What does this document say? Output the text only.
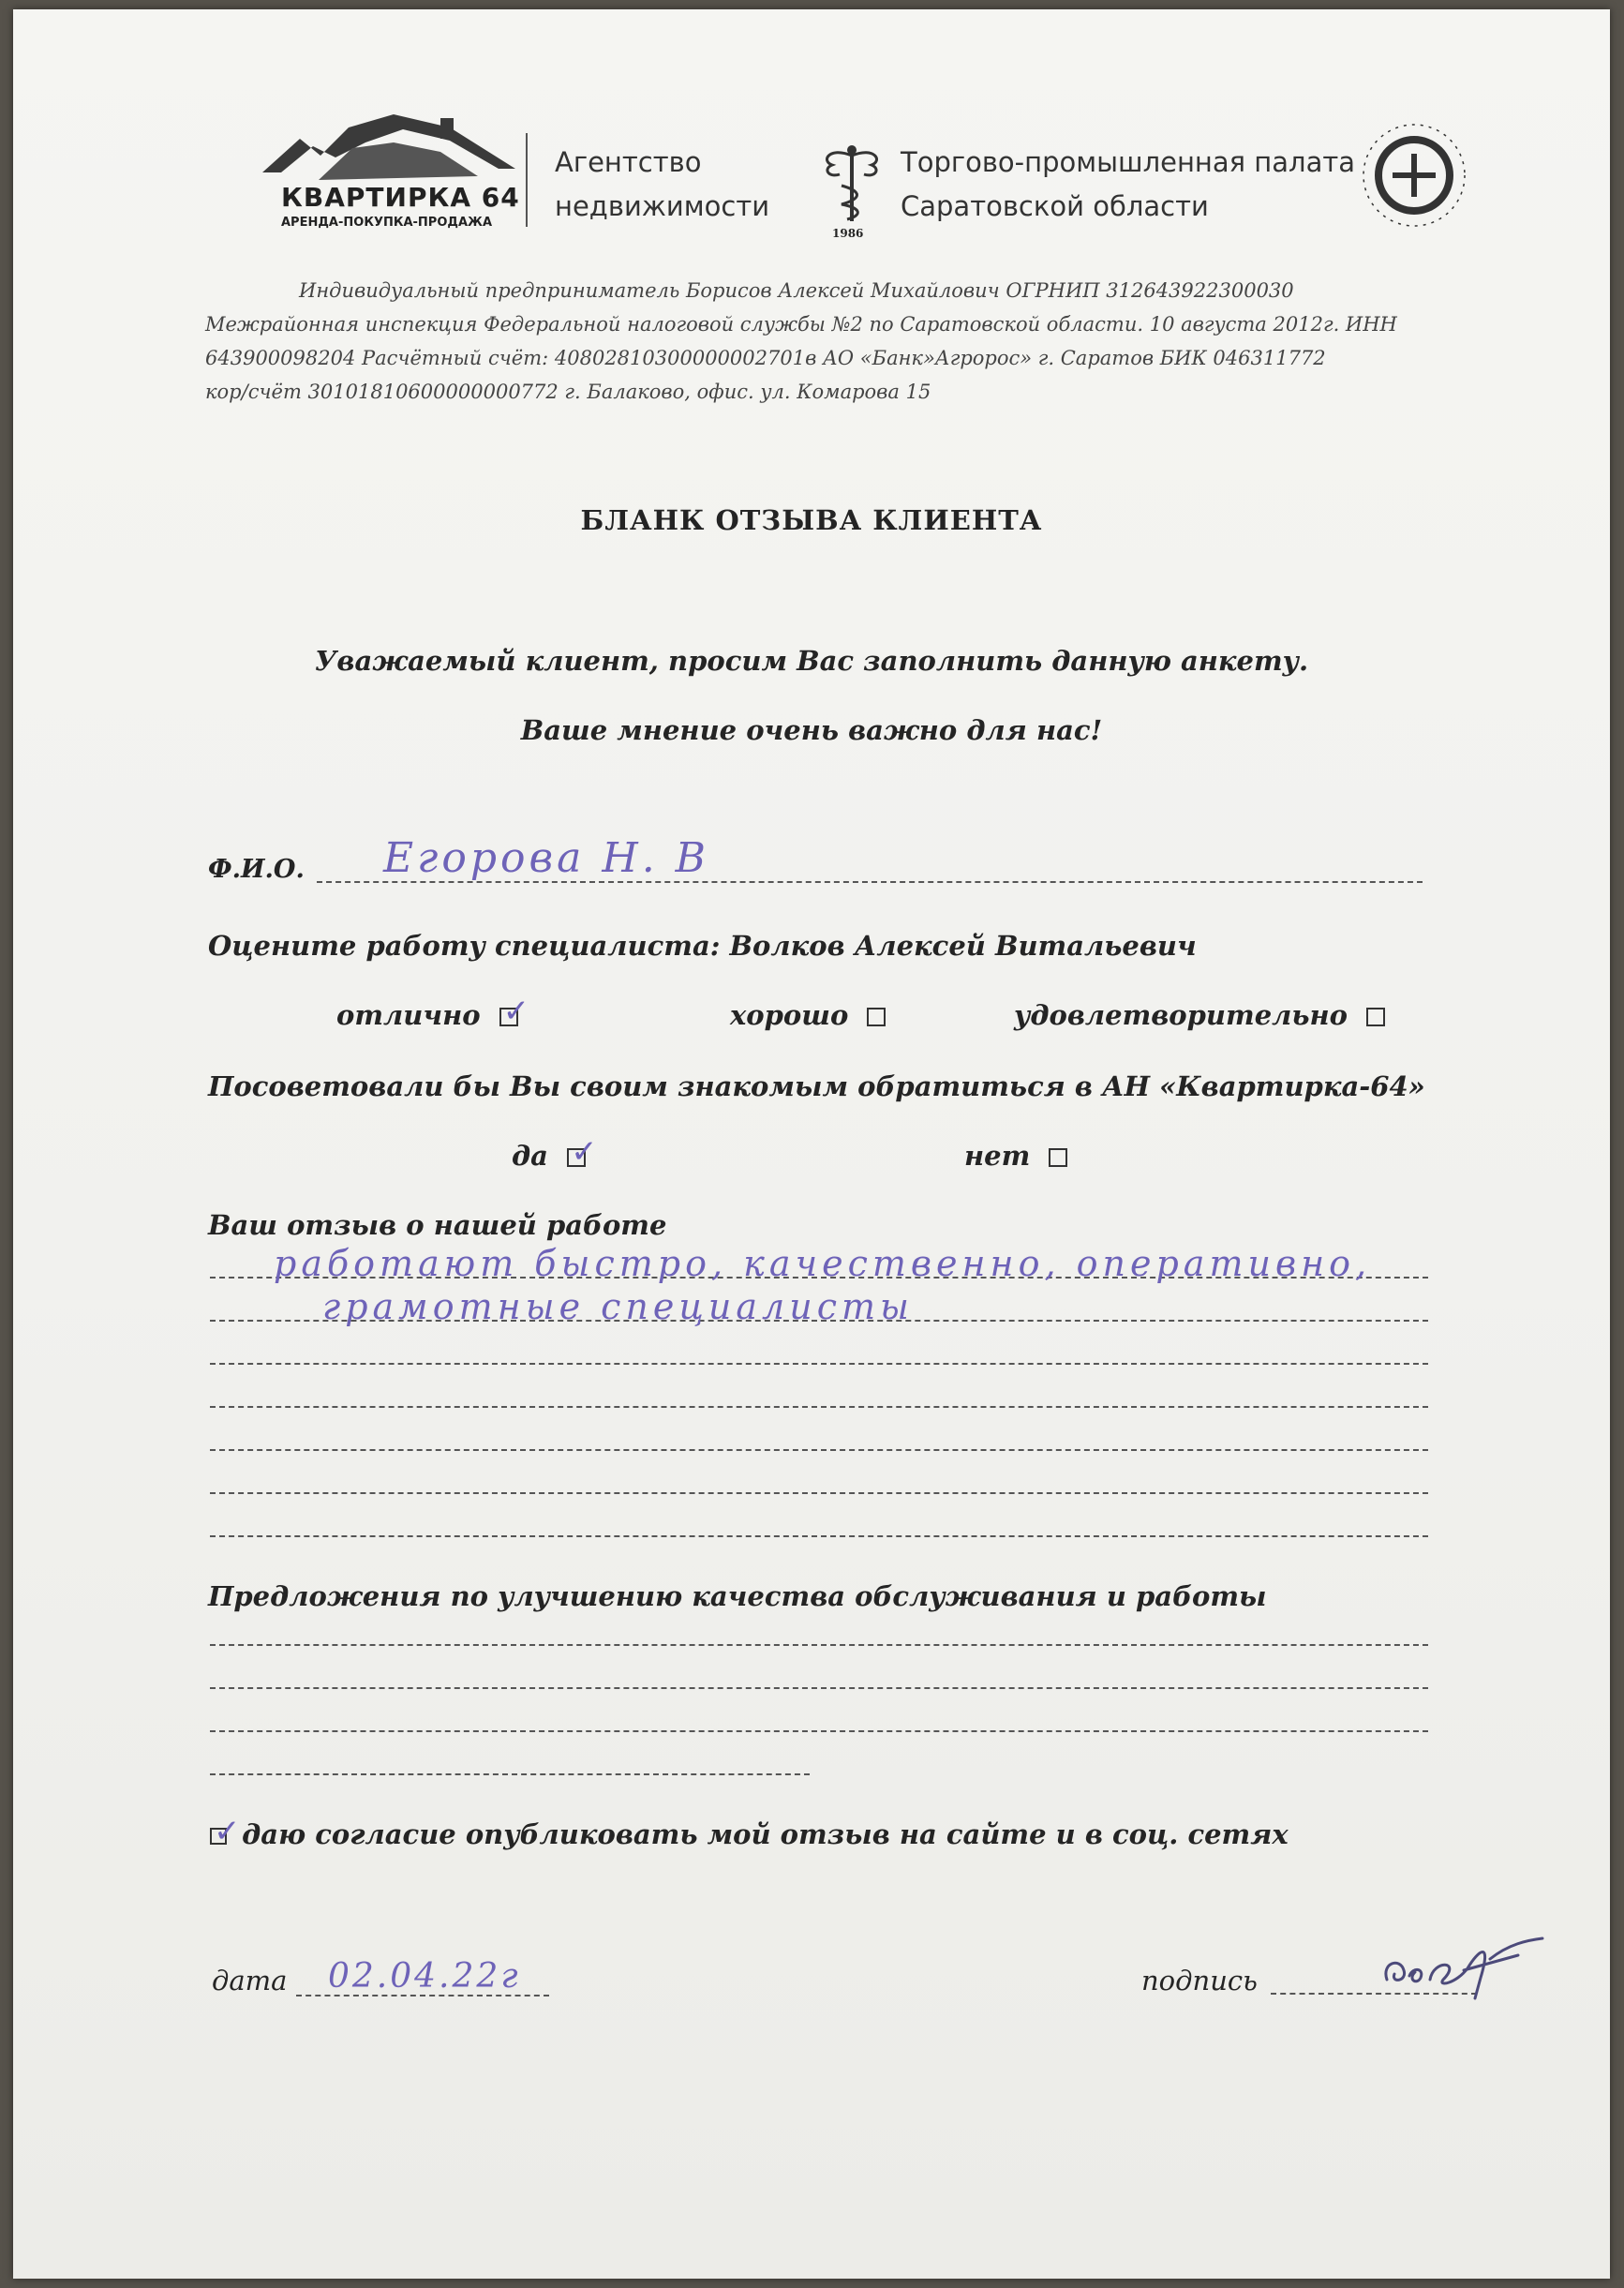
КВАРТИРКА 64
АРЕНДА-ПОКУПКА-ПРОДАЖА
Агентство
недвижимости
1986
Торгово-промышленная палата
Саратовской области
Индивидуальный предприниматель Борисов Алексей Михайлович ОГРНИП 312643922300030
Межрайонная инспекция Федеральной налоговой службы №2 по Саратовской области. 10 августа 2012г. ИНН
643900098204 Расчётный счёт: 40802810300000002701в АО «Банк»Агророс» г. Саратов БИК 046311772
кор/счёт 30101810600000000772 г. Балаково, офис. ул. Комарова 15
БЛАНК ОТЗЫВА КЛИЕНТА
Уважаемый клиент, просим Вас заполнить данную анкету.
Ваше мнение очень важно для нас!
Ф.И.О. Егорова Н. В
Оцените работу специалиста: Волков Алексей Витальевич
отлично ✓	хорошо	удовлетворительно
Посоветовали бы Вы своим знакомым обратиться в АН «Квартирка-64»
да ✓	нет
Ваш отзыв о нашей работе
работают быстро, качественно, оперативно,
грамотные специалисты
Предложения по улучшению качества обслуживания и работы
✓ даю согласие опубликовать мой отзыв на сайте и в соц. сетях
дата 02.04.22г	подпись
